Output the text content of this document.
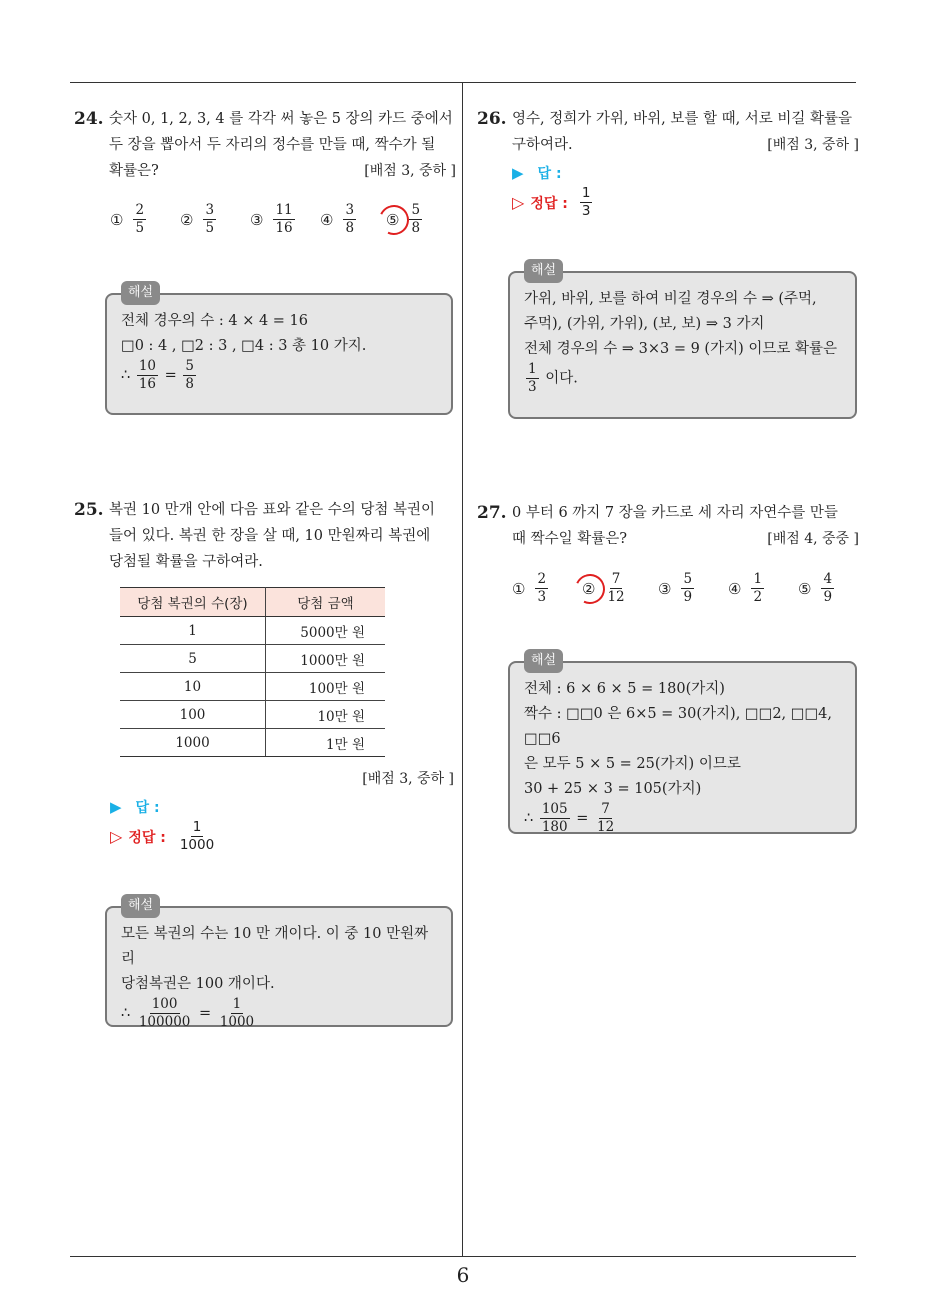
6
24. 숫자 0, 1, 2, 3, 4 를 각각 써 놓은 5 장의 카드 중에서

두 장을 뽑아서 두 자리의 정수를 만들 때, 짝수가 될

확률은?	[배점 3, 중하 ]

① $\frac{2}{5}$ ② $\frac{3}{5}$ ③ $\frac{11}{16}$ ④ $\frac{3}{8}$ ⑤ $\frac{5}{8}$
해설

전체 경우의 수 : 4 × 4 = 16

□0 : 4 , □2 : 3 , □4 : 3 총 10 가지.

∴ $\frac{10}{16} = \frac{5}{8}$

25. 복권 10 만개 안에 다음 표와 같은 수의 당첨 복권이

들어 있다. 복권 한 장을 살 때, 10 만원짜리 복권에

당첨될 확률을 구하여라.

당첨 복권의 수(장)	당첨 금액
1	5000만 원
5	1000만 원
10	100만 원
100	10만 원
1000	1만 원
[배점 3, 중하 ]
▶ 답 :
▷ 정답 : $\frac{1}{1000}$
해설

모든 복권의 수는 10 만 개이다. 이 중 10 만원짜리

당첨복권은 100 개이다.

∴ $\frac{100}{100000} = \frac{1}{1000}$

26. 영수, 정희가 가위, 바위, 보를 할 때, 서로 비길 확률을

구하여라.	[배점 3, 중하 ]

▶ 답 :
▷ 정답 : $\frac{1}{3}$
해설

가위, 바위, 보를 하여 비길 경우의 수 ⇒ (주먹,

주먹), (가위, 가위), (보, 보) ⇒ 3 가지

전체 경우의 수 ⇒ 3×3 = 9 (가지) 이므로 확률은

$\frac{1}{3}$ 이다.

27. 0 부터 6 까지 7 장을 카드로 세 자리 자연수를 만들

때 짝수일 확률은?	[배점 4, 중중 ]

① $\frac{2}{3}$ ② $\frac{7}{12}$ ③ $\frac{5}{9}$ ④ $\frac{1}{2}$ ⑤ $\frac{4}{9}$
해설

전체 : 6 × 6 × 5 = 180(가지)

짝수 : □□0 은 6×5 = 30(가지), □□2, □□4, □□6

은 모두 5 × 5 = 25(가지) 이므로

30 + 25 × 3 = 105(가지)

∴ $\frac{105}{180} = \frac{7}{12}$
